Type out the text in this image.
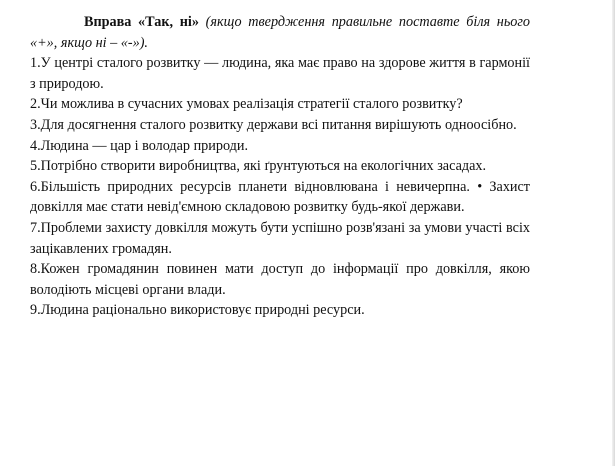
Вправа «Так, ні» (якщо твердження правильне поставте біля нього «+», якщо ні – «-»).

1.У центрі сталого розвитку — людина, яка має право на здорове життя в гармонії з природою.

2.Чи можлива в сучасних умовах реалізація стратегії сталого розвитку?

3.Для досягнення сталого розвитку держави всі питання вирішують одноосібно.

4.Людина — цар і володар природи.

5.Потрібно створити виробництва, які ґрунтуються на екологічних засадах.

6.Більшість природних ресурсів планети відновлювана і невичерпна. • Захист довкілля має стати невід'ємною складовою розвитку будь-якої держави.

7.Проблеми захисту довкілля можуть бути успішно розв'язані за умови участі всіх зацікавлених громадян.

8.Кожен громадянин повинен мати доступ до інформації про довкілля, якою володіють місцеві органи влади.

9.Людина раціонально використовує природні ресурси.
